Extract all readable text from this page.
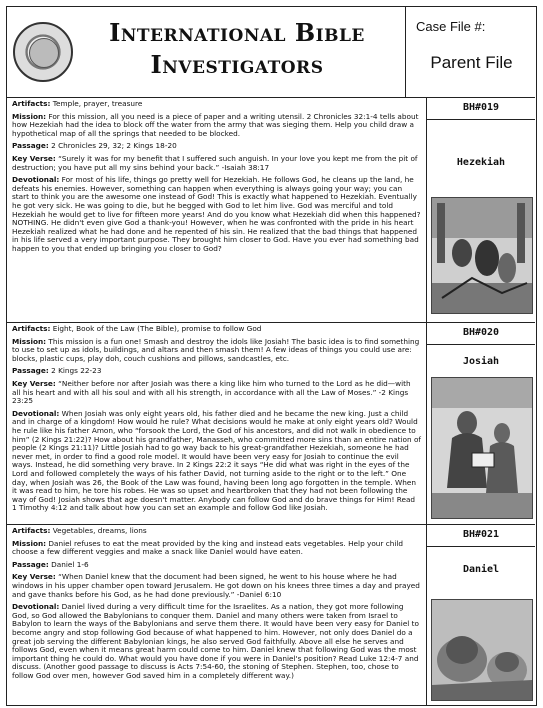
International Bible
Investigators
Case File #:
Parent File

Artifacts: Temple, prayer, treasure

Mission: For this mission, all you need is a piece of paper and a writing utensil. 2 Chronicles 32:1-4 tells about how Hezekiah had the idea to block off the water from the army that was sieging them. Help you child draw a hypothetical map of all the springs that needed to be blocked.

Passage: 2 Chronicles 29, 32; 2 Kings 18-20

Key Verse: “Surely it was for my benefit that I suffered such anguish. In your love you kept me from the pit of destruction; you have put all my sins behind your back.” -Isaiah 38:17

Devotional: For most of his life, things go pretty well for Hezekiah. He follows God, he cleans up the land, he defeats his enemies. However, something can happen when everything is always going your way; you can start to think you are the awesome one instead of God! This is exactly what happened to Hezekiah. Eventually he got very sick. He was going to die, but he begged with God to let him live. God was merciful and told Hezekiah he would get to live for fifteen more years! And do you know what Hezekiah did when this happened? NOTHING. He didn't even give God a thank-you! However, when he was confronted with the pride in his heart Hezekiah realized what he had done and he repented of his sin. He realized that the bad things that happened in his life served a very important purpose. They brought him closer to God. Have you ever had something bad happen to you that ended up bringing you closer to God?

BH#019
Hezekiah

Artifacts: Eight, Book of the Law (The Bible), promise to follow God

Mission: This mission is a fun one! Smash and destroy the idols like Josiah! The basic idea is to find something to use to set up as idols, buildings, and altars and then smash them! A few ideas of things you could use are: blocks, plastic cups, play doh, couch cushions and pillows, sandcastles, etc.

Passage: 2 Kings 22-23

Key Verse: “Neither before nor after Josiah was there a king like him who turned to the Lord as he did—with all his heart and with all his soul and with all his strength, in accordance with all the Law of Moses.” -2 Kings 23:25

Devotional: When Josiah was only eight years old, his father died and he became the new king. Just a child and in charge of a kingdom! How would he rule? What decisions would he make at only eight years old? Would he rule like his father Amon, who “forsook the Lord, the God of his ancestors, and did not walk in obedience to him” (2 Kings 21:22)? How about his grandfather, Manasseh, who committed more sins than an entire nation of people (2 Kings 21:11)? Little Josiah had to go way back to his great-grandfather Hezekiah, someone he had never met, in order to find a good role model. It would have been very easy for Josiah to continue the evil ways. Instead, he did something very brave. In 2 Kings 22:2 it says “He did what was right in the eyes of the Lord and followed completely the ways of his father David, not turning aside to the right or to the left.” One day, when Josiah was 26, the Book of the Law was found, having been long ago forgotten in the temple. When it was read to him, he tore his robes. He was so upset and heartbroken that they had not been following the way of God! Josiah shows that age doesn't matter. Anybody can follow God and do brave things for Him! Read 1 Timothy 4:12 and talk about how you can set an example and follow God like Josiah.

BH#020
Josiah

Artifacts: Vegetables, dreams, lions

Mission: Daniel refuses to eat the meat provided by the king and instead eats vegetables. Help your child choose a few different veggies and make a snack like Daniel would have eaten.

Passage: Daniel 1-6

Key Verse: “When Daniel knew that the document had been signed, he went to his house where he had windows in his upper chamber open toward Jerusalem. He got down on his knees three times a day and prayed and gave thanks before his God, as he had done previously.” -Daniel 6:10

Devotional: Daniel lived during a very difficult time for the Israelites. As a nation, they got more following God, so God allowed the Babylonians to conquer them. Daniel and many others were taken from Israel to Babylon to learn the ways of the Babylonians and serve them there. It would have been very easy for Daniel to become angry and stop following God because of what happened to him. However, not only does Daniel do a great job serving the different Babylonian kings, he also served God faithfully. Above all else he serves and follows God, even when it means great harm could come to him. Daniel knew that following God was the most important thing he could do. What would you have done if you were in Daniel's position? Read Luke 12:4-7 and discuss. (Another good passage to discuss is Acts 7:54-60, the stoning of Stephen. Stephen, too, chose to follow God over men, however God saved him in a completely different way.)

BH#021
Daniel
